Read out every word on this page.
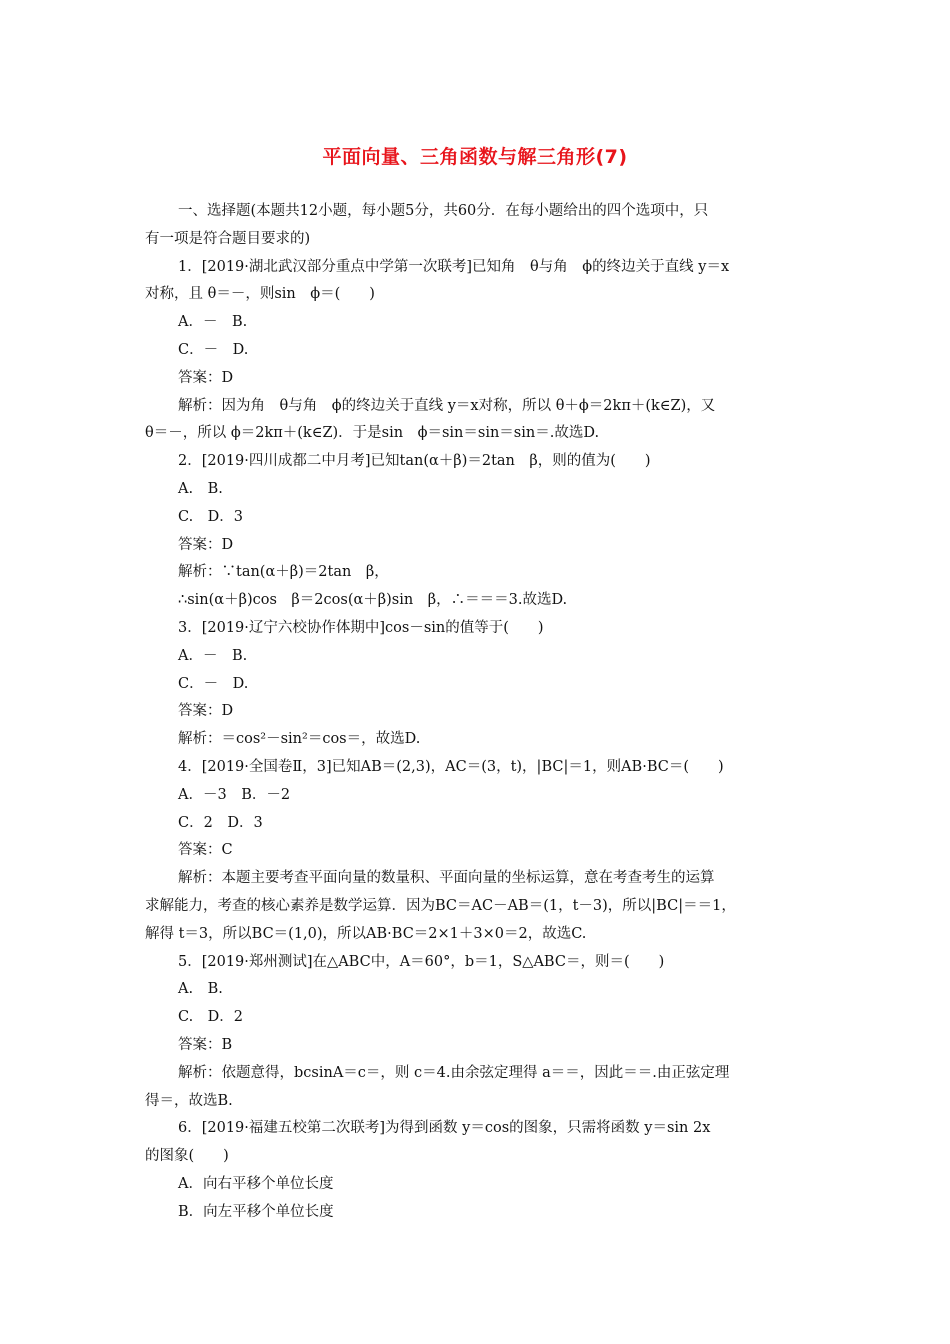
平面向量、三角函数与解三角形(7)

一、选择题(本题共12小题，每小题5分，共60分．在每小题给出的四个选项中，只

有一项是符合题目要求的)

1．[2019·湖北武汉部分重点中学第一次联考]已知角　θ与角　ϕ的终边关于直线 y＝x

对称，且 θ＝－，则sin　ϕ＝(　　)

A．－　B.

C．－　D.

答案：D

解析：因为角　θ与角　ϕ的终边关于直线 y＝x对称，所以 θ＋ϕ＝2kπ＋(k∈Z)，又

θ＝－，所以 ϕ＝2kπ＋(k∈Z)．于是sin　ϕ＝sin＝sin＝sin＝.故选D.

2．[2019·四川成都二中月考]已知tan(α＋β)＝2tan　β，则的值为(　　)

A.　B.

C.　D．3

答案：D

解析：∵tan(α＋β)＝2tan　β，

∴sin(α＋β)cos　β＝2cos(α＋β)sin　β，∴＝＝＝3.故选D.

3．[2019·辽宁六校协作体期中]cos－sin的值等于(　　)

A．－　B.

C．－　D.

答案：D

解析：＝cos²－sin²＝cos＝，故选D.

4．[2019·全国卷Ⅱ，3]已知AB＝(2,3)，AC＝(3，t)，|BC|＝1，则AB·BC＝(　　)

A．－3　B．－2

C．2　D．3

答案：C

解析：本题主要考查平面向量的数量积、平面向量的坐标运算，意在考查考生的运算

求解能力，考查的核心素养是数学运算．因为BC＝AC－AB＝(1，t－3)，所以|BC|＝＝1，

解得 t＝3，所以BC＝(1,0)，所以AB·BC＝2×1＋3×0＝2，故选C.

5．[2019·郑州测试]在△ABC中，A＝60°，b＝1，S△ABC＝，则＝(　　)

A.　B.

C.　D．2

答案：B

解析：依题意得，bcsinA＝c＝，则 c＝4.由余弦定理得 a＝＝，因此＝＝.由正弦定理

得＝，故选B.

6．[2019·福建五校第二次联考]为得到函数 y＝cos的图象，只需将函数 y＝sin 2x

的图象(　　)

A．向右平移个单位长度

B．向左平移个单位长度
